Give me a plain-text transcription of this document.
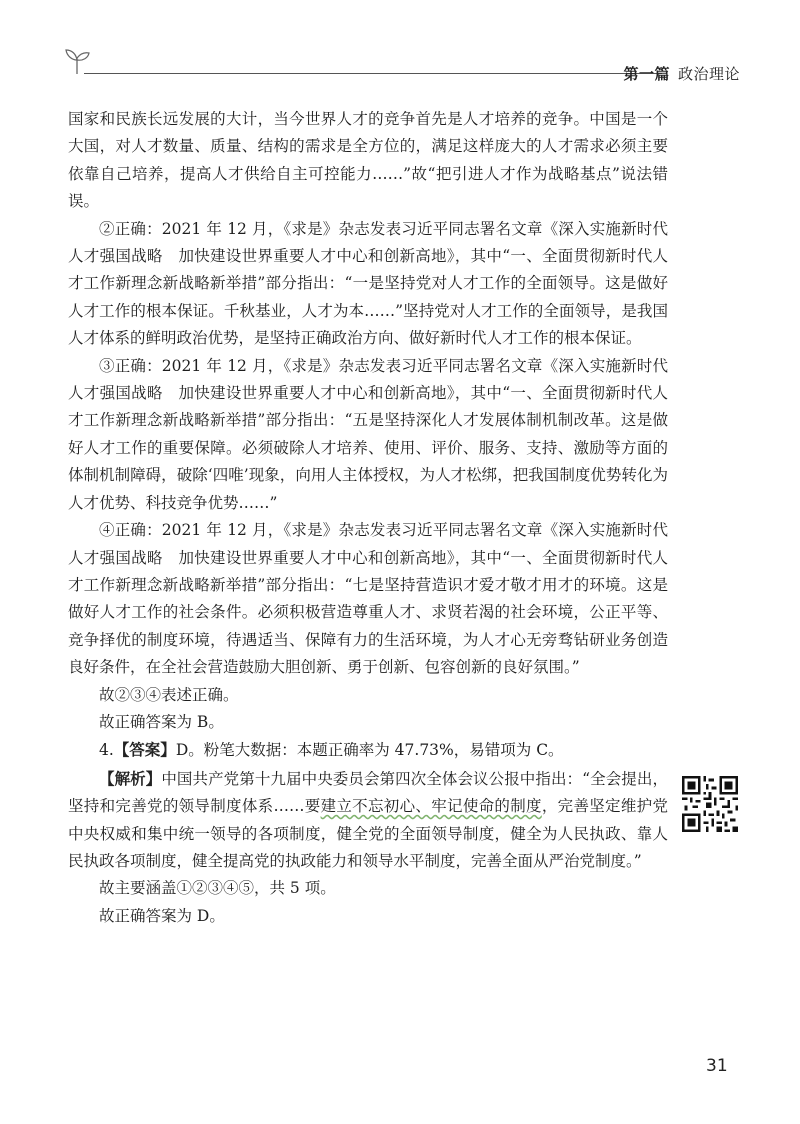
第一篇 政治理论

国家和民族长远发展的大计，当今世界人才的竞争首先是人才培养的竞争。中国是一个大国，对人才数量、质量、结构的需求是全方位的，满足这样庞大的人才需求必须主要依靠自己培养，提高人才供给自主可控能力……”故“把引进人才作为战略基点”说法错误。

②正确：2021 年 12 月，《求是》杂志发表习近平同志署名文章《深入实施新时代人才强国战略　加快建设世界重要人才中心和创新高地》，其中“一、全面贯彻新时代人才工作新理念新战略新举措”部分指出：“一是坚持党对人才工作的全面领导。这是做好人才工作的根本保证。千秋基业，人才为本……”坚持党对人才工作的全面领导，是我国人才体系的鲜明政治优势，是坚持正确政治方向、做好新时代人才工作的根本保证。

③正确：2021 年 12 月，《求是》杂志发表习近平同志署名文章《深入实施新时代人才强国战略　加快建设世界重要人才中心和创新高地》，其中“一、全面贯彻新时代人才工作新理念新战略新举措”部分指出：“五是坚持深化人才发展体制机制改革。这是做好人才工作的重要保障。必须破除人才培养、使用、评价、服务、支持、激励等方面的体制机制障碍，破除‘四唯’现象，向用人主体授权，为人才松绑，把我国制度优势转化为人才优势、科技竞争优势……”

④正确：2021 年 12 月，《求是》杂志发表习近平同志署名文章《深入实施新时代人才强国战略　加快建设世界重要人才中心和创新高地》，其中“一、全面贯彻新时代人才工作新理念新战略新举措”部分指出：“七是坚持营造识才爱才敬才用才的环境。这是做好人才工作的社会条件。必须积极营造尊重人才、求贤若渴的社会环境，公正平等、竞争择优的制度环境，待遇适当、保障有力的生活环境，为人才心无旁骛钻研业务创造良好条件，在全社会营造鼓励大胆创新、勇于创新、包容创新的良好氛围。”

故②③④表述正确。

故正确答案为 B。

4.【答案】D。粉笔大数据：本题正确率为 47.73%，易错项为 C。

【解析】中国共产党第十九届中央委员会第四次全体会议公报中指出：“全会提出，坚持和完善党的领导制度体系……要建立不忘初心、牢记使命的制度，完善坚定维护党中央权威和集中统一领导的各项制度，健全党的全面领导制度，健全为人民执政、靠人民执政各项制度，健全提高党的执政能力和领导水平制度，完善全面从严治党制度。”

故主要涵盖①②③④⑤，共 5 项。

故正确答案为 D。

31
